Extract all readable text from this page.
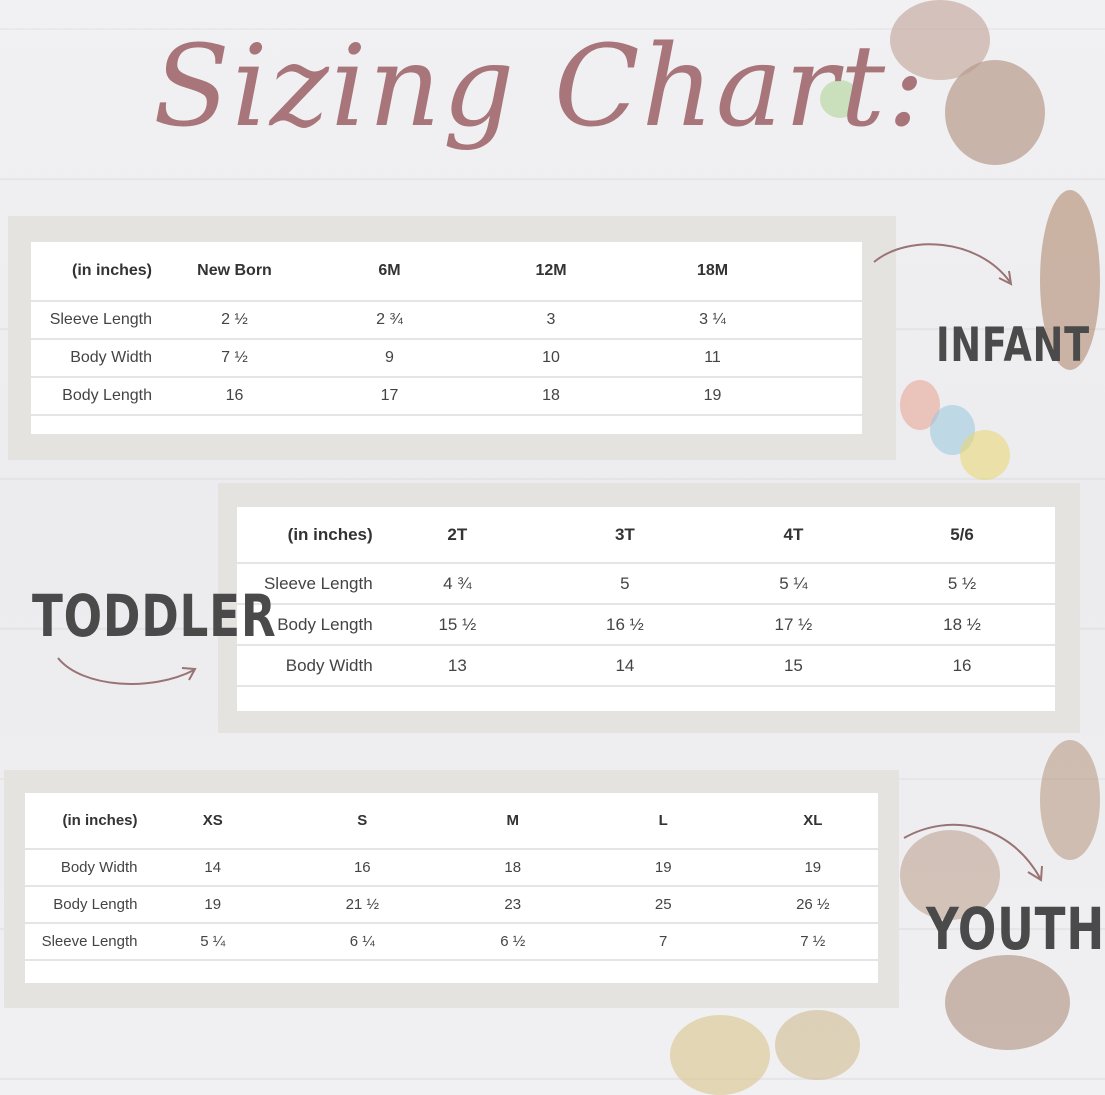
Sizing Chart:
(in inches)	New Born	6M	12M	18M	
Sleeve Length	2 ½	2 ¾	3	3 ¼	
Body Width	7 ½	9	10	11	
Body Length	16	17	18	19	
INFANT
(in inches)	2T	3T	4T	5/6
Sleeve Length	4 ¾	5	5 ¼	5 ½
Body Length	15 ½	16 ½	17 ½	18 ½
Body Width	13	14	15	16
TODDLER
(in inches)	XS	S	M	L	XL
Body Width	14	16	18	19	19
Body Length	19	21 ½	23	25	26 ½
Sleeve Length	5 ¼	6 ¼	6 ½	7	7 ½ YOUTH
